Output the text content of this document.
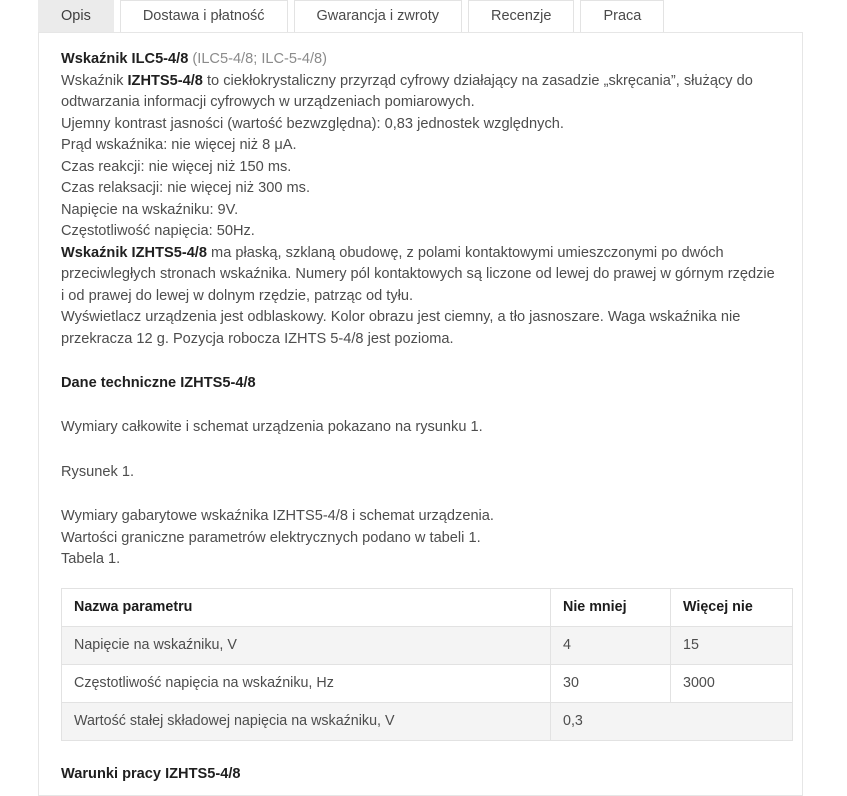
Opis	Dostawa i płatność	Gwarancja i zwroty	Recenzje	Praca

Wskaźnik ILC5-4/8 (ILC5-4/8; ILC-5-4/8)

Wskaźnik IZHTS5-4/8 to ciekłokrystaliczny przyrząd cyfrowy działający na zasadzie „skręcania”, służący do odtwarzania informacji cyfrowych w urządzeniach pomiarowych.

Ujemny kontrast jasności (wartość bezwzględna): 0,83 jednostek względnych.

Prąd wskaźnika: nie więcej niż 8 μA.

Czas reakcji: nie więcej niż 150 ms.

Czas relaksacji: nie więcej niż 300 ms.

Napięcie na wskaźniku: 9V.

Częstotliwość napięcia: 50Hz.

Wskaźnik IZHTS5-4/8 ma płaską, szklaną obudowę, z polami kontaktowymi umieszczonymi po dwóch przeciwległych stronach wskaźnika. Numery pól kontaktowych są liczone od lewej do prawej w górnym rzędzie i od prawej do lewej w dolnym rzędzie, patrząc od tyłu.

Wyświetlacz urządzenia jest odblaskowy. Kolor obrazu jest ciemny, a tło jasnoszare. Waga wskaźnika nie przekracza 12 g. Pozycja robocza IZHTS 5-4/8 jest pozioma.

Dane techniczne IZHTS5-4/8

Wymiary całkowite i schemat urządzenia pokazano na rysunku 1.

Rysunek 1.

Wymiary gabarytowe wskaźnika IZHTS5-4/8 i schemat urządzenia.

Wartości graniczne parametrów elektrycznych podano w tabeli 1.

Tabela 1.

Nazwa parametru	Nie mniej	Więcej nie
Napięcie na wskaźniku, V	4	15
Częstotliwość napięcia na wskaźniku, Hz	30	3000
Wartość stałej składowej napięcia na wskaźniku, V	0,3	
Warunki pracy IZHTS5-4/8
